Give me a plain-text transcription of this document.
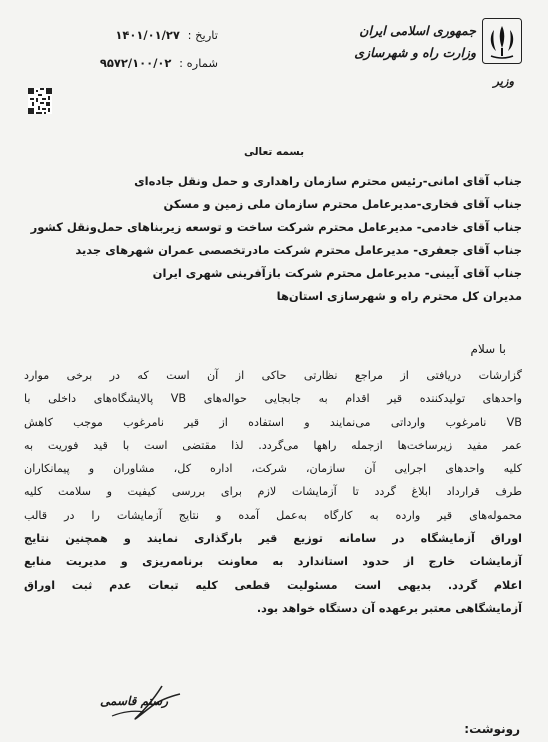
جمهوری اسلامی ایران
وزارت راه و شهرسازی
وزیر
تاریخ : ۱۴۰۱/۰۱/۲۷
شماره : ۹۵۷۲/۱۰۰/۰۲
بسمه تعالی
جناب آقای امانی-رئیس محترم سازمان راهداری و حمل ونقل جاده‌ای
جناب آقای فخاری-مدیرعامل محترم سازمان ملی زمین و مسکن
جناب آقای خادمی- مدیرعامل محترم شرکت ساخت و توسعه زیربناهای حمل‌ونقل کشور
جناب آقای جعفری- مدیرعامل محترم شرکت مادرتخصصی عمران شهرهای جدید
جناب آقای آیینی- مدیرعامل محترم شرکت بازآفرینی شهری ایران
مدیران کل محترم راه و شهرسازی استان‌ها
با سلام
گزارشات دریافتی از مراجع نظارتی حاکی از آن است که در برخی موارد
واحدهای تولیدکننده قیر اقدام به جابجایی حواله‌های VB پالایشگاه‌های داخلی با
VB نامرغوب وارداتی می‌نمایند و استفاده از قیر نامرغوب موجب کاهش
عمر مفید زیرساخت‌ها ازجمله راهها می‌گردد. لذا مقتضی است با قید فوریت به
کلیه واحدهای اجرایی آن سازمان، شرکت، اداره کل، مشاوران و پیمانکاران
طرف قرارداد ابلاغ گردد تا آزمایشات لازم برای بررسی کیفیت و سلامت کلیه
محموله‌های قیر وارده به کارگاه به‌عمل آمده و نتایج آزمایشات را در قالب
اوراق آزمایشگاه در سامانه توزیع قیر بارگذاری نمایند و همچنین نتایج
آزمایشات خارج از حدود استاندارد به معاونت برنامه‌ریزی و مدیریت منابع
اعلام گردد. بدیهی است مسئولیت قطعی کلیه تبعات عدم ثبت اوراق
آزمایشگاهی معتبر برعهده آن دستگاه خواهد بود.
رستم قاسمی
رونوشت:
